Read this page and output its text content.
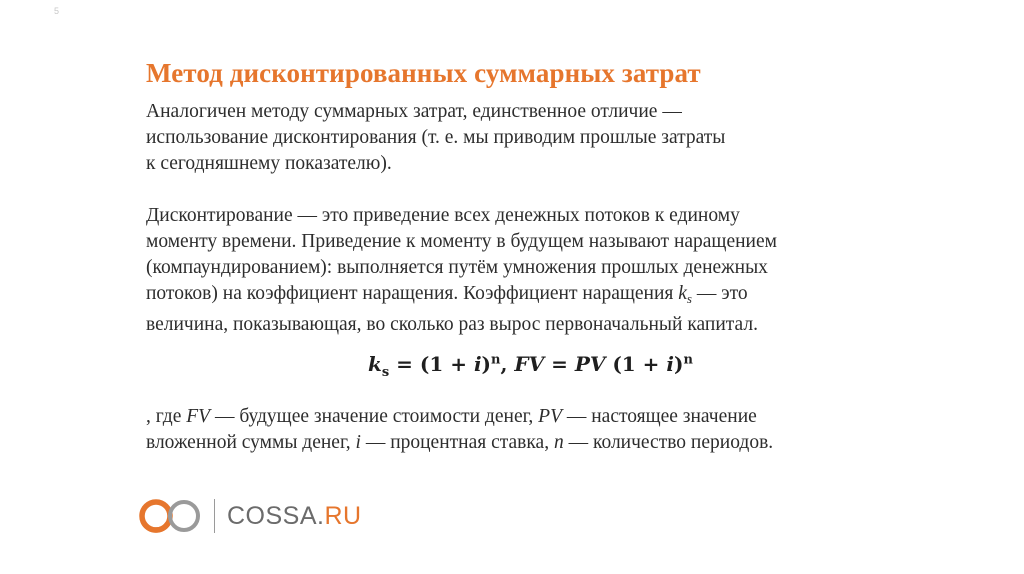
5
Метод дисконтированных суммарных затрат
Аналогичен методу суммарных затрат, единственное отличие —
использование дисконтирования (т. е. мы приводим прошлые затраты
к сегодняшнему показателю).
Дисконтирование — это приведение всех денежных потоков к единому
моменту времени. Приведение к моменту в будущем называют наращением
(компаундированием): выполняется путём умножения прошлых денежных
потоков) на коэффициент наращения. Коэффициент наращения $k_s$ — это
величина, показывающая, во сколько раз вырос первоначальный капитал.
$k_s = (1 + i)^n$, FV = PV $(1 + i)^n$
, где FV — будущее значение стоимости денег, PV — настоящее значение
вложенной суммы денег, i — процентная ставка, n — количество периодов.
COSSA.RU
